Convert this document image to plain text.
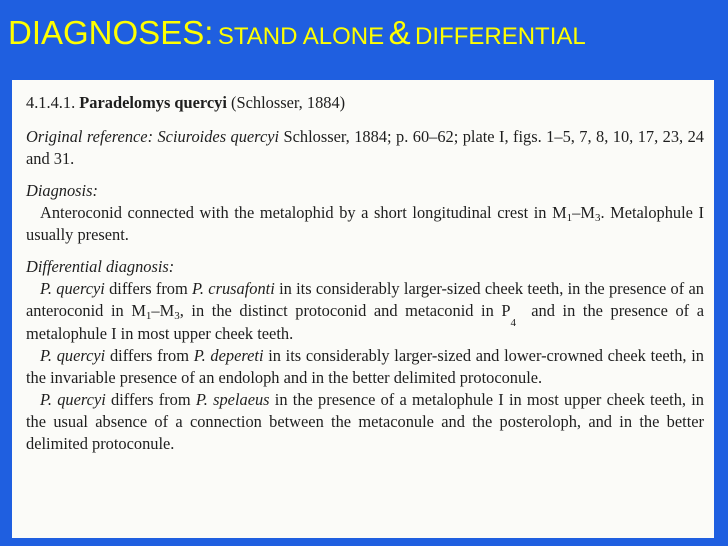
DIAGNOSES: STAND ALONE & DIFFERENTIAL

4.1.4.1. Paradelomys quercyi (Schlosser, 1884)

Original reference: Sciuroides quercyi Schlosser, 1884; p. 60–62; plate I, figs. 1–5, 7, 8, 10, 17, 23, 24 and 31.

Diagnosis:

Anteroconid connected with the metalophid by a short longitudinal crest in $M_1-M_3$. Metalophule I usually present.

Differential diagnosis:

P. quercyi differs from P. crusafonti in its considerably larger-sized cheek teeth, in the presence of an anteroconid in $M_1-M_3$, in the distinct protoconid and metaconid in $P_4$  and in the presence of a metalophule I in most upper cheek teeth.

P. quercyi differs from P. depereti in its considerably larger-sized and lower-crowned cheek teeth, in the invariable presence of an endoloph and in the better delimited protoconule.

P. quercyi differs from P. spelaeus in the presence of a metalophule I in most upper cheek teeth, in the usual absence of a connection between the metaconule and the posteroloph, and in the better delimited protoconule.
